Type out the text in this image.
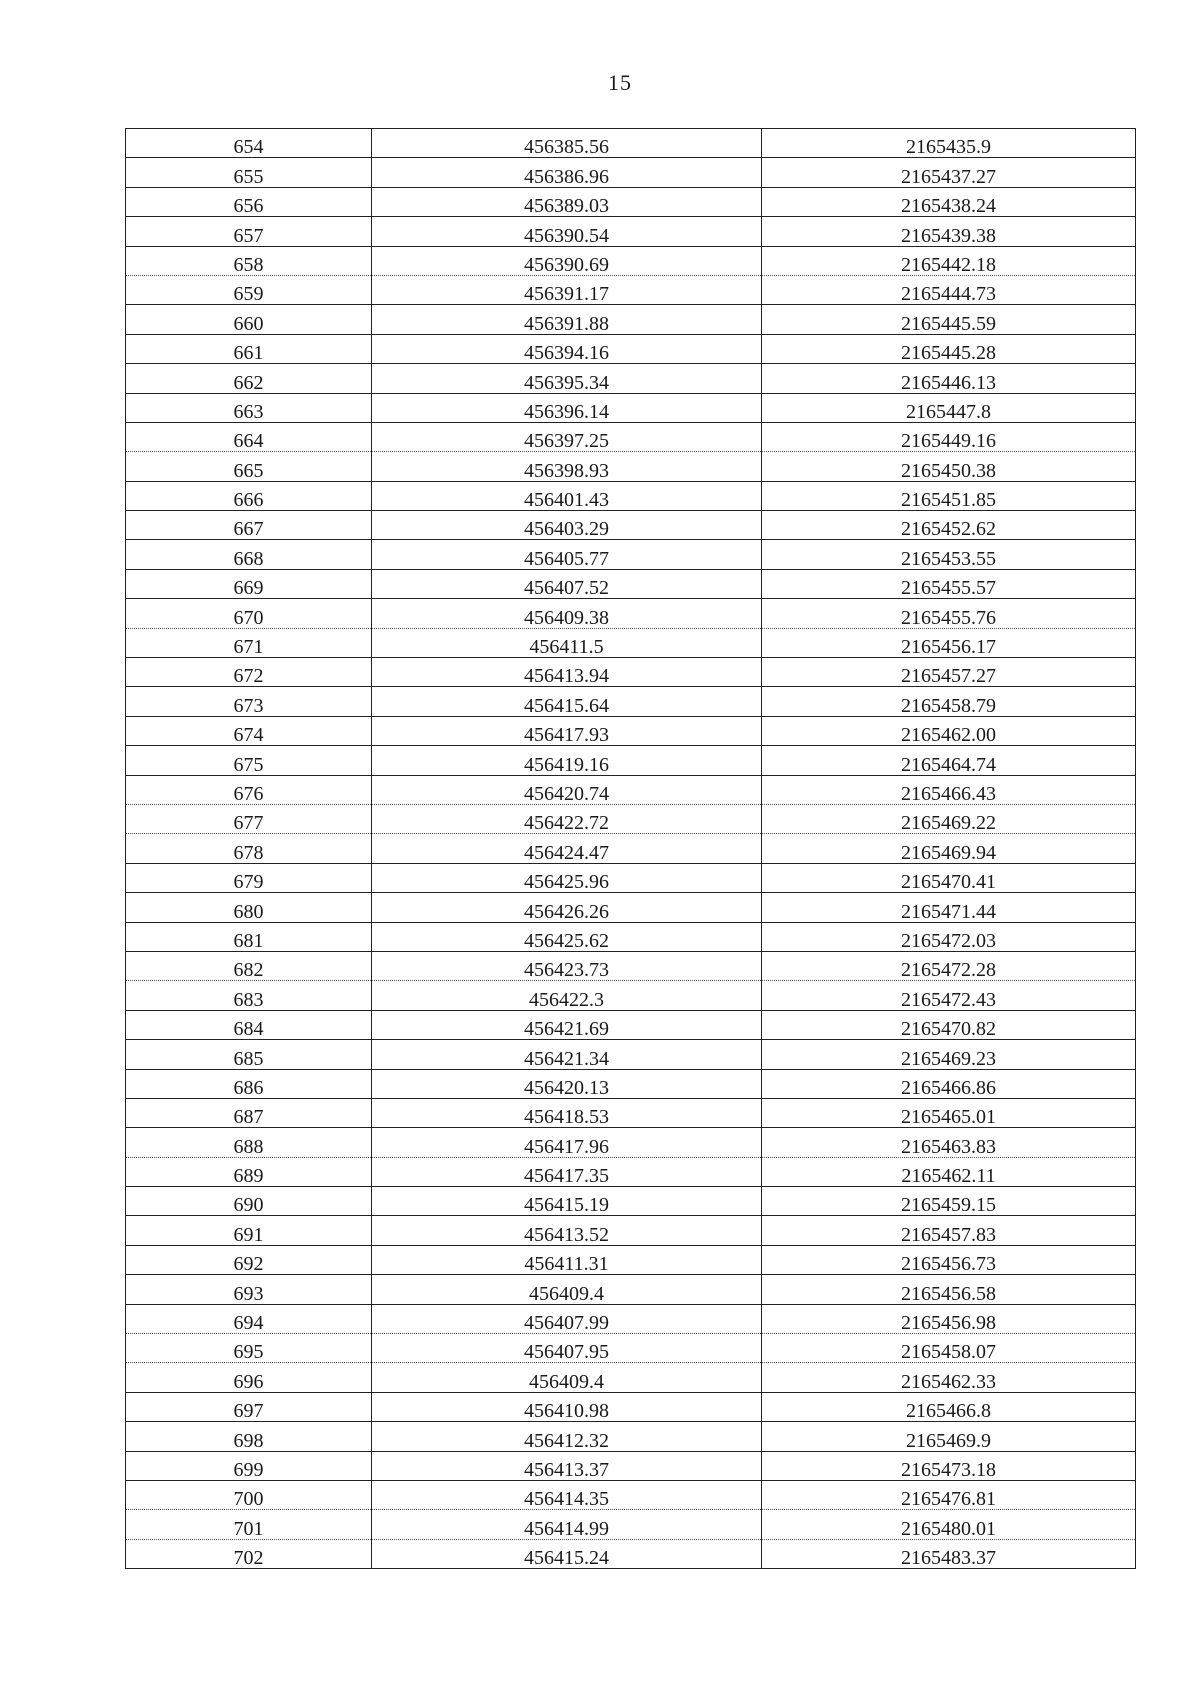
15
654	456385.56	2165435.9
655	456386.96	2165437.27
656	456389.03	2165438.24
657	456390.54	2165439.38
658	456390.69	2165442.18
659	456391.17	2165444.73
660	456391.88	2165445.59
661	456394.16	2165445.28
662	456395.34	2165446.13
663	456396.14	2165447.8
664	456397.25	2165449.16
665	456398.93	2165450.38
666	456401.43	2165451.85
667	456403.29	2165452.62
668	456405.77	2165453.55
669	456407.52	2165455.57
670	456409.38	2165455.76
671	456411.5	2165456.17
672	456413.94	2165457.27
673	456415.64	2165458.79
674	456417.93	2165462.00
675	456419.16	2165464.74
676	456420.74	2165466.43
677	456422.72	2165469.22
678	456424.47	2165469.94
679	456425.96	2165470.41
680	456426.26	2165471.44
681	456425.62	2165472.03
682	456423.73	2165472.28
683	456422.3	2165472.43
684	456421.69	2165470.82
685	456421.34	2165469.23
686	456420.13	2165466.86
687	456418.53	2165465.01
688	456417.96	2165463.83
689	456417.35	2165462.11
690	456415.19	2165459.15
691	456413.52	2165457.83
692	456411.31	2165456.73
693	456409.4	2165456.58
694	456407.99	2165456.98
695	456407.95	2165458.07
696	456409.4	2165462.33
697	456410.98	2165466.8
698	456412.32	2165469.9
699	456413.37	2165473.18
700	456414.35	2165476.81
701	456414.99	2165480.01
702	456415.24	2165483.37
